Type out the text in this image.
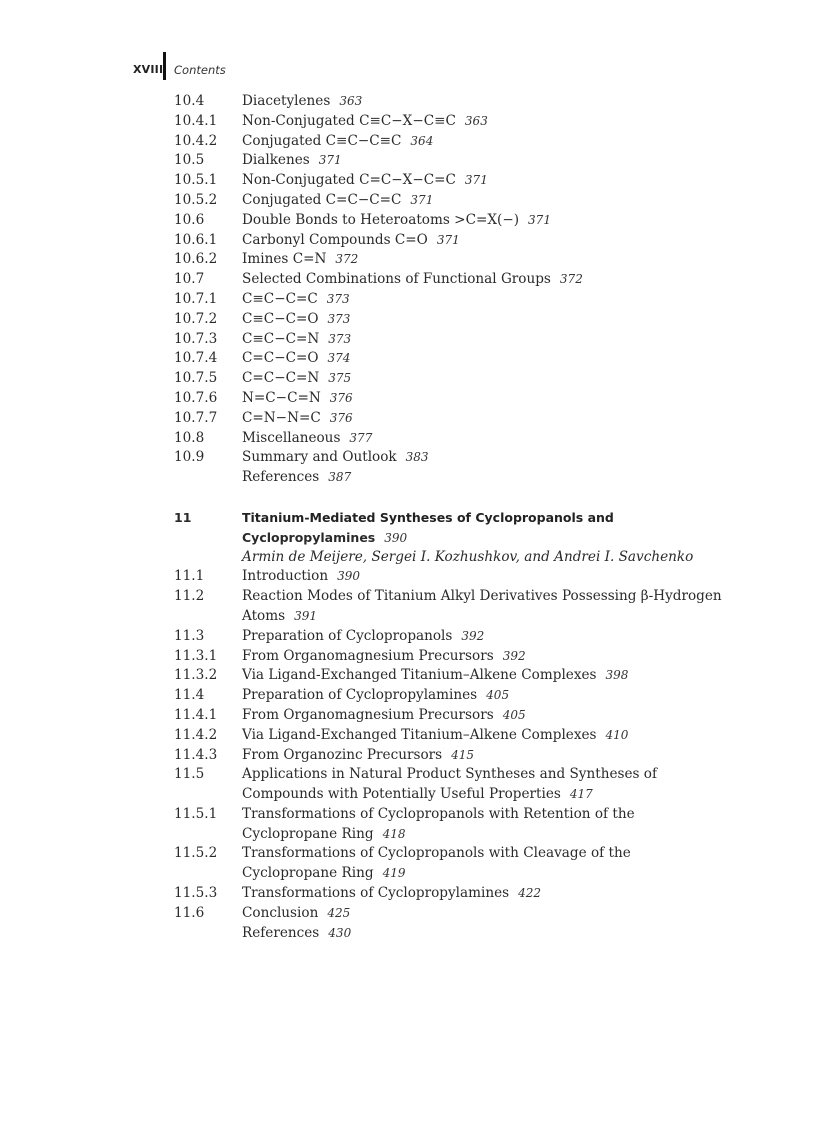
XVIII Contents
10.4	Diacetylenes 363
10.4.1 Non-Conjugated C≡C−X−C≡C 363
10.4.2 Conjugated C≡C−C≡C 364
10.5	Dialkenes 371
10.5.1 Non-Conjugated C=C−X−C=C 371
10.5.2 Conjugated C=C−C=C 371
10.6	Double Bonds to Heteroatoms >C=X(−) 371
10.6.1 Carbonyl Compounds C=O 371
10.6.2 Imines C=N 372
10.7	Selected Combinations of Functional Groups 372
10.7.1 C≡C−C=C 373
10.7.2 C≡C−C=O 373
10.7.3 C≡C−C=N 373
10.7.4 C=C−C=O 374
10.7.5 C=C−C=N 375
10.7.6 N=C−C=N 376
10.7.7 C=N−N=C 376
10.8	Miscellaneous 377
10.9	Summary and Outlook 383
References 387
11	Titanium-Mediated Syntheses of Cyclopropanols and
Cyclopropylamines 390
Armin de Meijere, Sergei I. Kozhushkov, and Andrei I. Savchenko
11.1	Introduction 390
11.2	Reaction Modes of Titanium Alkyl Derivatives Possessing β-Hydrogen
Atoms 391
11.3	Preparation of Cyclopropanols 392
11.3.1 From Organomagnesium Precursors 392
11.3.2 Via Ligand-Exchanged Titanium–Alkene Complexes 398
11.4	Preparation of Cyclopropylamines 405
11.4.1 From Organomagnesium Precursors 405
11.4.2 Via Ligand-Exchanged Titanium–Alkene Complexes 410
11.4.3 From Organozinc Precursors 415
11.5	Applications in Natural Product Syntheses and Syntheses of
Compounds with Potentially Useful Properties 417
11.5.1 Transformations of Cyclopropanols with Retention of the
Cyclopropane Ring 418
11.5.2 Transformations of Cyclopropanols with Cleavage of the
Cyclopropane Ring 419
11.5.3 Transformations of Cyclopropylamines 422
11.6	Conclusion 425
References 430
